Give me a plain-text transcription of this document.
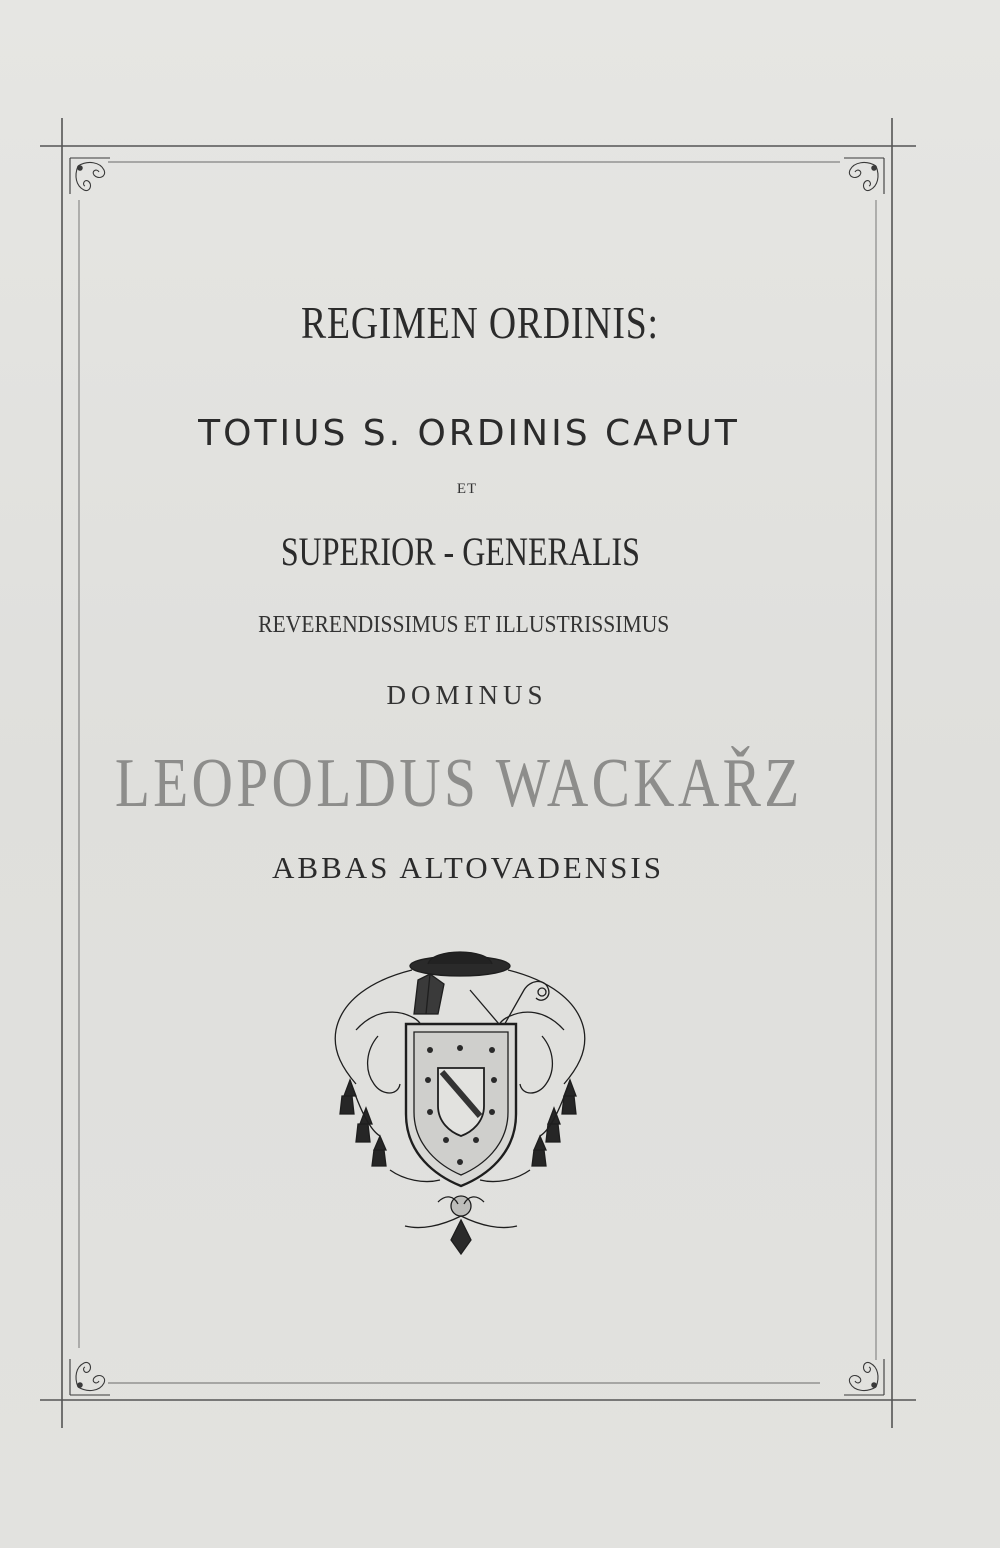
REGIMEN ORDINIS:
TOTIUS S. ORDINIS CAPUT
ET
SUPERIOR - GENERALIS
REVERENDISSIMUS ET ILLUSTRISSIMUS
DOMINUS
LEOPOLDUS WACKAŘZ
ABBAS ALTOVADENSIS
